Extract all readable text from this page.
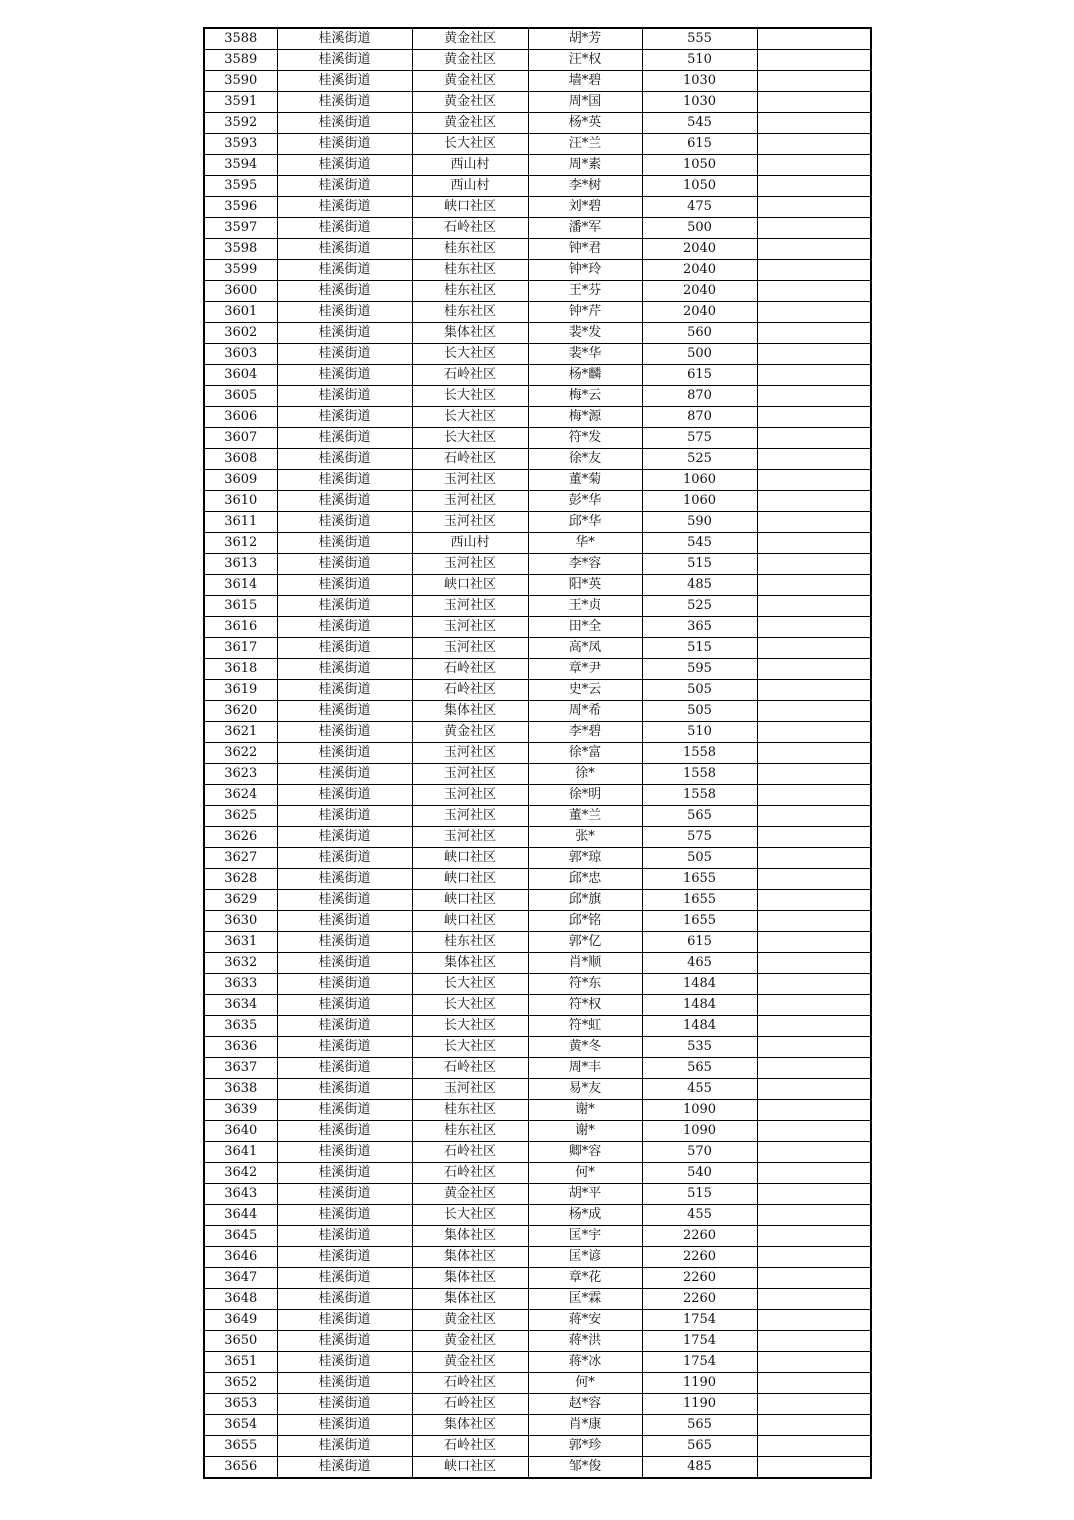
3588	桂溪街道	黄金社区	胡*芳	555	
3589	桂溪街道	黄金社区	汪*权	510	
3590	桂溪街道	黄金社区	墙*碧	1030	
3591	桂溪街道	黄金社区	周*国	1030	
3592	桂溪街道	黄金社区	杨*英	545	
3593	桂溪街道	长大社区	汪*兰	615	
3594	桂溪街道	西山村	周*素	1050	
3595	桂溪街道	西山村	李*树	1050	
3596	桂溪街道	峡口社区	刘*碧	475	
3597	桂溪街道	石岭社区	潘*军	500	
3598	桂溪街道	桂东社区	钟*君	2040	
3599	桂溪街道	桂东社区	钟*玲	2040	
3600	桂溪街道	桂东社区	王*芬	2040	
3601	桂溪街道	桂东社区	钟*芹	2040	
3602	桂溪街道	集体社区	裴*发	560	
3603	桂溪街道	长大社区	裴*华	500	
3604	桂溪街道	石岭社区	杨*麟	615	
3605	桂溪街道	长大社区	梅*云	870	
3606	桂溪街道	长大社区	梅*源	870	
3607	桂溪街道	长大社区	符*发	575	
3608	桂溪街道	石岭社区	徐*友	525	
3609	桂溪街道	玉河社区	董*菊	1060	
3610	桂溪街道	玉河社区	彭*华	1060	
3611	桂溪街道	玉河社区	邱*华	590	
3612	桂溪街道	西山村	华*	545	
3613	桂溪街道	玉河社区	李*容	515	
3614	桂溪街道	峡口社区	阳*英	485	
3615	桂溪街道	玉河社区	王*贞	525	
3616	桂溪街道	玉河社区	田*全	365	
3617	桂溪街道	玉河社区	高*凤	515	
3618	桂溪街道	石岭社区	章*尹	595	
3619	桂溪街道	石岭社区	史*云	505	
3620	桂溪街道	集体社区	周*希	505	
3621	桂溪街道	黄金社区	李*碧	510	
3622	桂溪街道	玉河社区	徐*富	1558	
3623	桂溪街道	玉河社区	徐*	1558	
3624	桂溪街道	玉河社区	徐*明	1558	
3625	桂溪街道	玉河社区	董*兰	565	
3626	桂溪街道	玉河社区	张*	575	
3627	桂溪街道	峡口社区	郭*琼	505	
3628	桂溪街道	峡口社区	邱*忠	1655	
3629	桂溪街道	峡口社区	邱*旗	1655	
3630	桂溪街道	峡口社区	邱*铭	1655	
3631	桂溪街道	桂东社区	郭*亿	615	
3632	桂溪街道	集体社区	肖*顺	465	
3633	桂溪街道	长大社区	符*东	1484	
3634	桂溪街道	长大社区	符*权	1484	
3635	桂溪街道	长大社区	符*虹	1484	
3636	桂溪街道	长大社区	黄*冬	535	
3637	桂溪街道	石岭社区	周*丰	565	
3638	桂溪街道	玉河社区	易*友	455	
3639	桂溪街道	桂东社区	谢*	1090	
3640	桂溪街道	桂东社区	谢*	1090	
3641	桂溪街道	石岭社区	卿*容	570	
3642	桂溪街道	石岭社区	何*	540	
3643	桂溪街道	黄金社区	胡*平	515	
3644	桂溪街道	长大社区	杨*成	455	
3645	桂溪街道	集体社区	匡*宇	2260	
3646	桂溪街道	集体社区	匡*谚	2260	
3647	桂溪街道	集体社区	章*花	2260	
3648	桂溪街道	集体社区	匡*霖	2260	
3649	桂溪街道	黄金社区	蒋*安	1754	
3650	桂溪街道	黄金社区	蒋*洪	1754	
3651	桂溪街道	黄金社区	蒋*冰	1754	
3652	桂溪街道	石岭社区	何*	1190	
3653	桂溪街道	石岭社区	赵*容	1190	
3654	桂溪街道	集体社区	肖*康	565	
3655	桂溪街道	石岭社区	郭*珍	565	
3656	桂溪街道	峡口社区	邹*俊	485	
